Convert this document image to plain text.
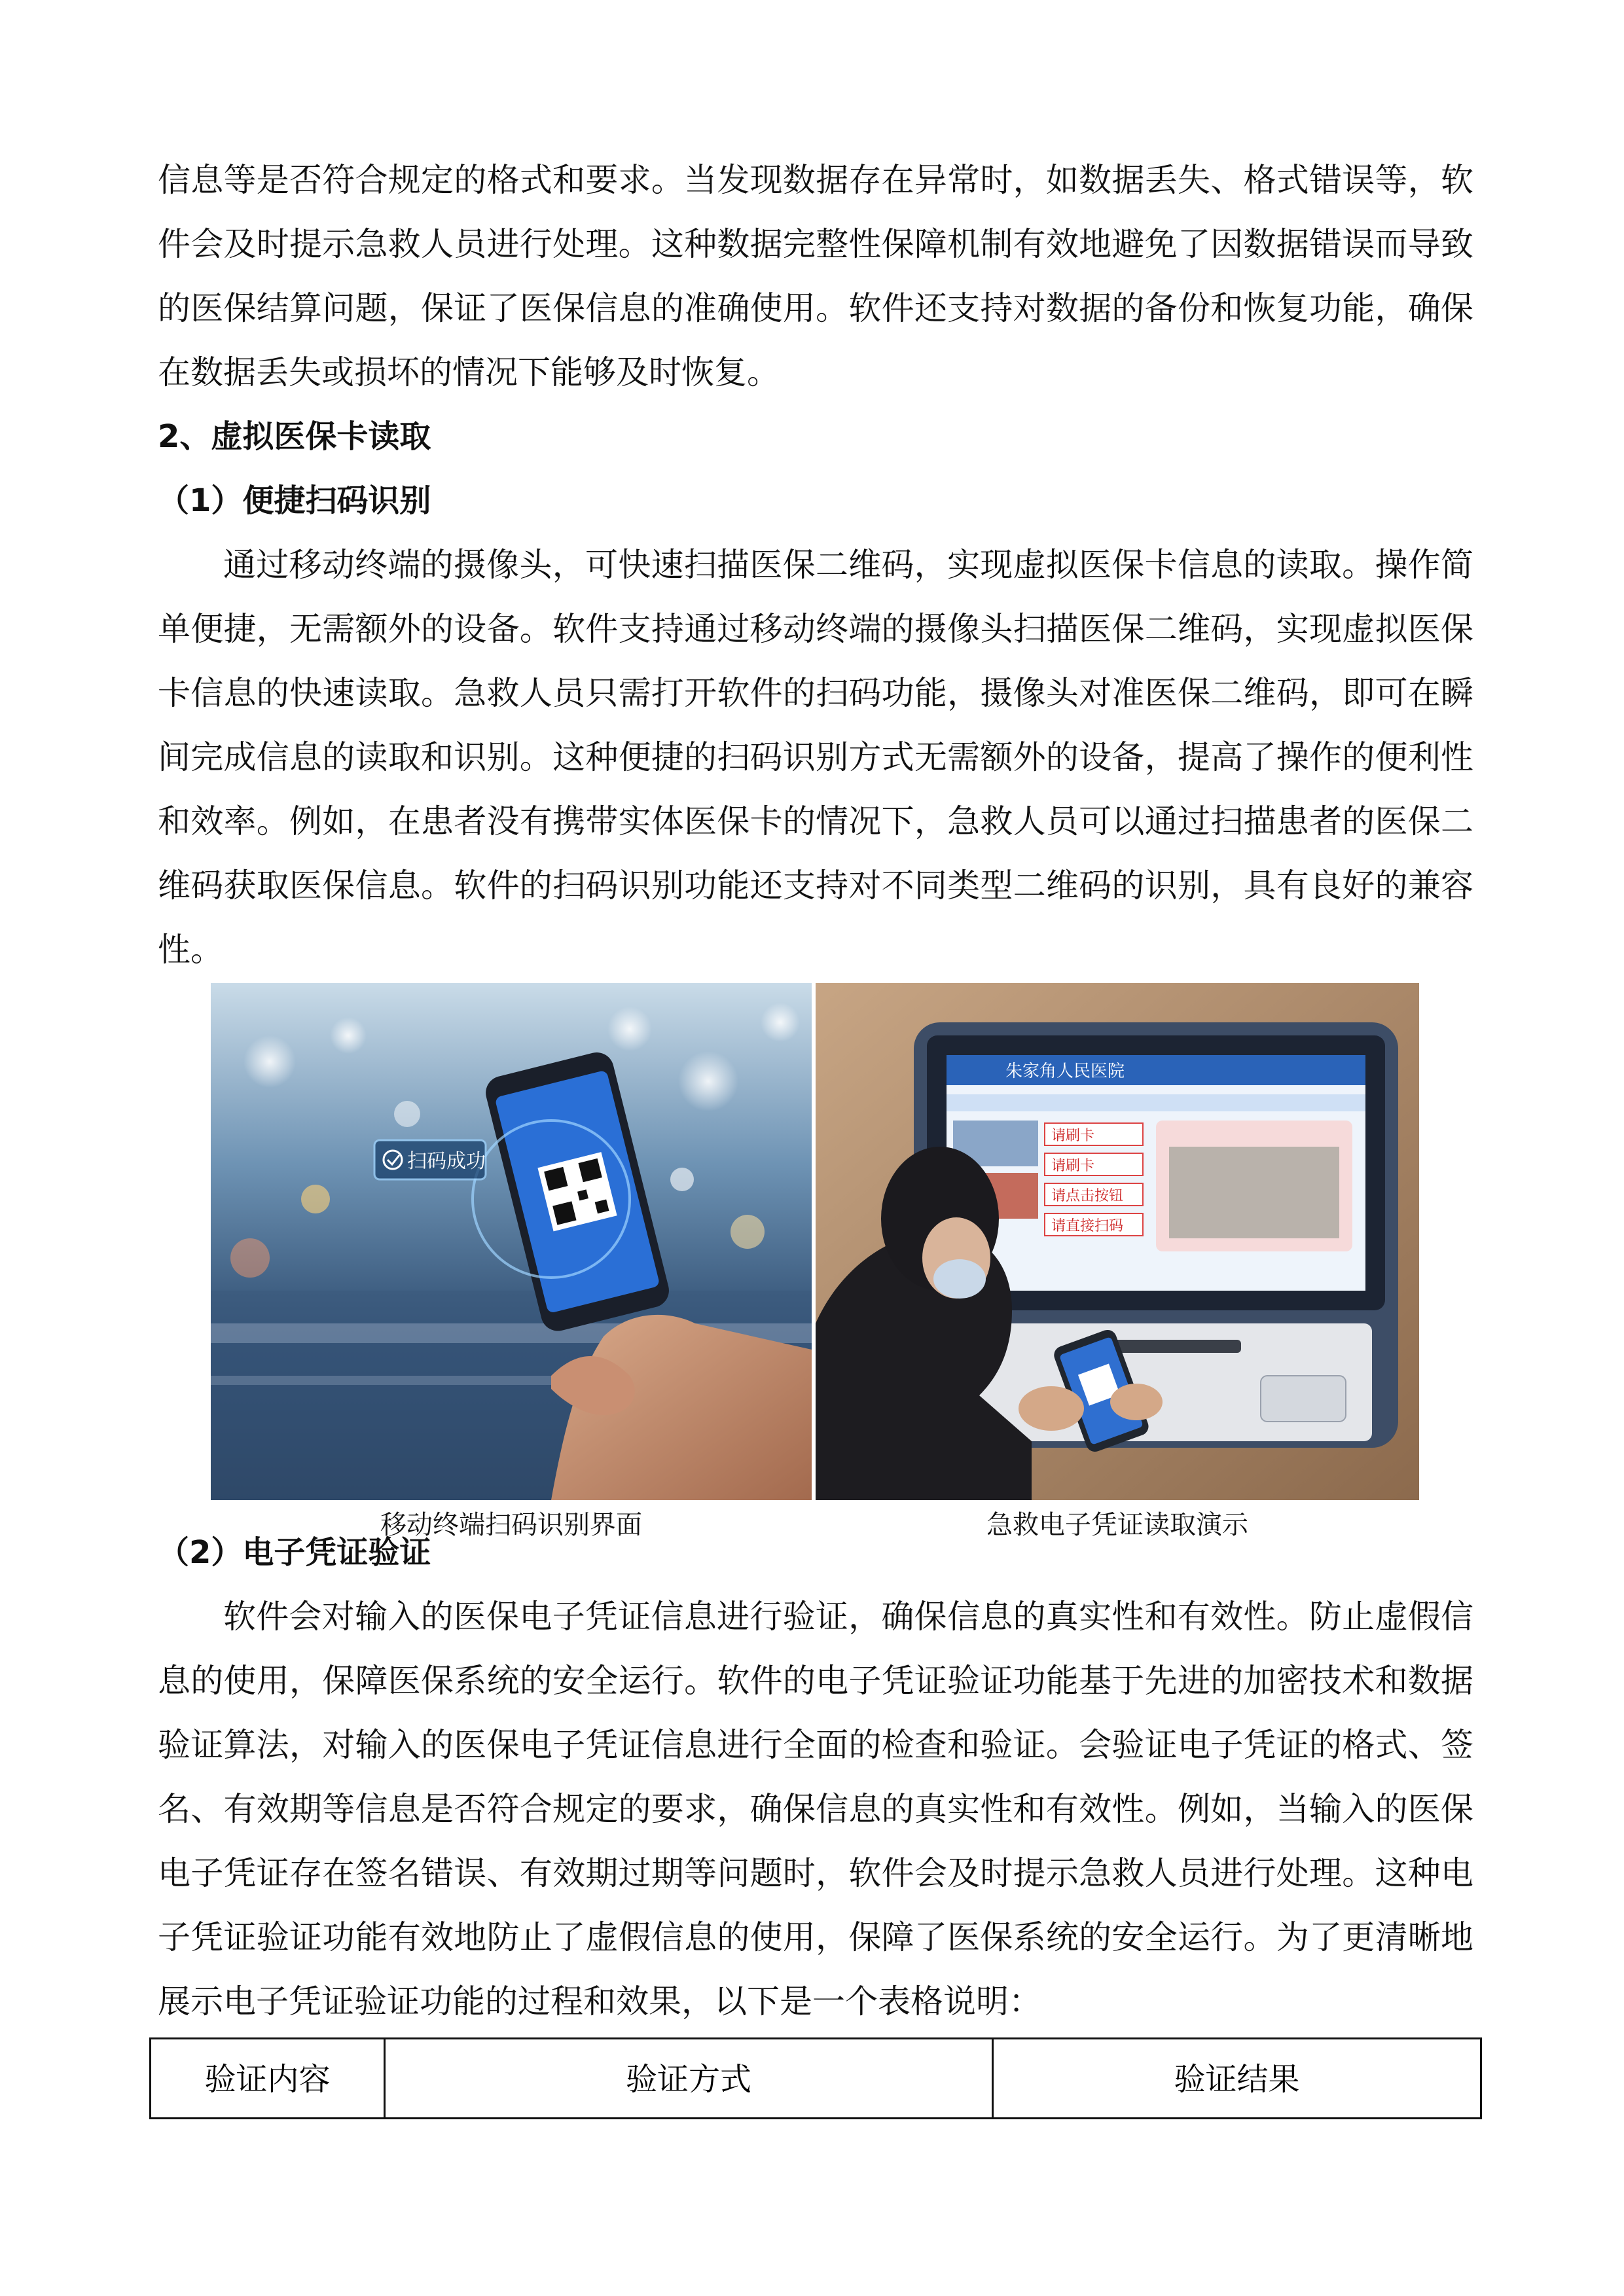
信息等是否符合规定的格式和要求。当发现数据存在异常时，如数据丢失、格式错误等，软件会及时提示急救人员进行处理。这种数据完整性保障机制有效地避免了因数据错误而导致的医保结算问题，保证了医保信息的准确使用。软件还支持对数据的备份和恢复功能，确保在数据丢失或损坏的情况下能够及时恢复。

2、虚拟医保卡读取

（1）便捷扫码识别

通过移动终端的摄像头，可快速扫描医保二维码，实现虚拟医保卡信息的读取。操作简单便捷，无需额外的设备。软件支持通过移动终端的摄像头扫描医保二维码，实现虚拟医保卡信息的快速读取。急救人员只需打开软件的扫码功能，摄像头对准医保二维码，即可在瞬间完成信息的读取和识别。这种便捷的扫码识别方式无需额外的设备，提高了操作的便利性和效率。例如，在患者没有携带实体医保卡的情况下，急救人员可以通过扫描患者的医保二维码获取医保信息。软件的扫码识别功能还支持对不同类型二维码的识别，具有良好的兼容性。

扫码成功
朱家角人民医院
请刷卡
请刷卡
请点击按钮
请直接扫码
移动终端扫码识别界面	急救电子凭证读取演示

（2）电子凭证验证

软件会对输入的医保电子凭证信息进行验证，确保信息的真实性和有效性。防止虚假信息的使用，保障医保系统的安全运行。软件的电子凭证验证功能基于先进的加密技术和数据验证算法，对输入的医保电子凭证信息进行全面的检查和验证。会验证电子凭证的格式、签名、有效期等信息是否符合规定的要求，确保信息的真实性和有效性。例如，当输入的医保电子凭证存在签名错误、有效期过期等问题时，软件会及时提示急救人员进行处理。这种电子凭证验证功能有效地防止了虚假信息的使用，保障了医保系统的安全运行。为了更清晰地展示电子凭证验证功能的过程和效果，以下是一个表格说明：

验证内容	验证方式	验证结果
